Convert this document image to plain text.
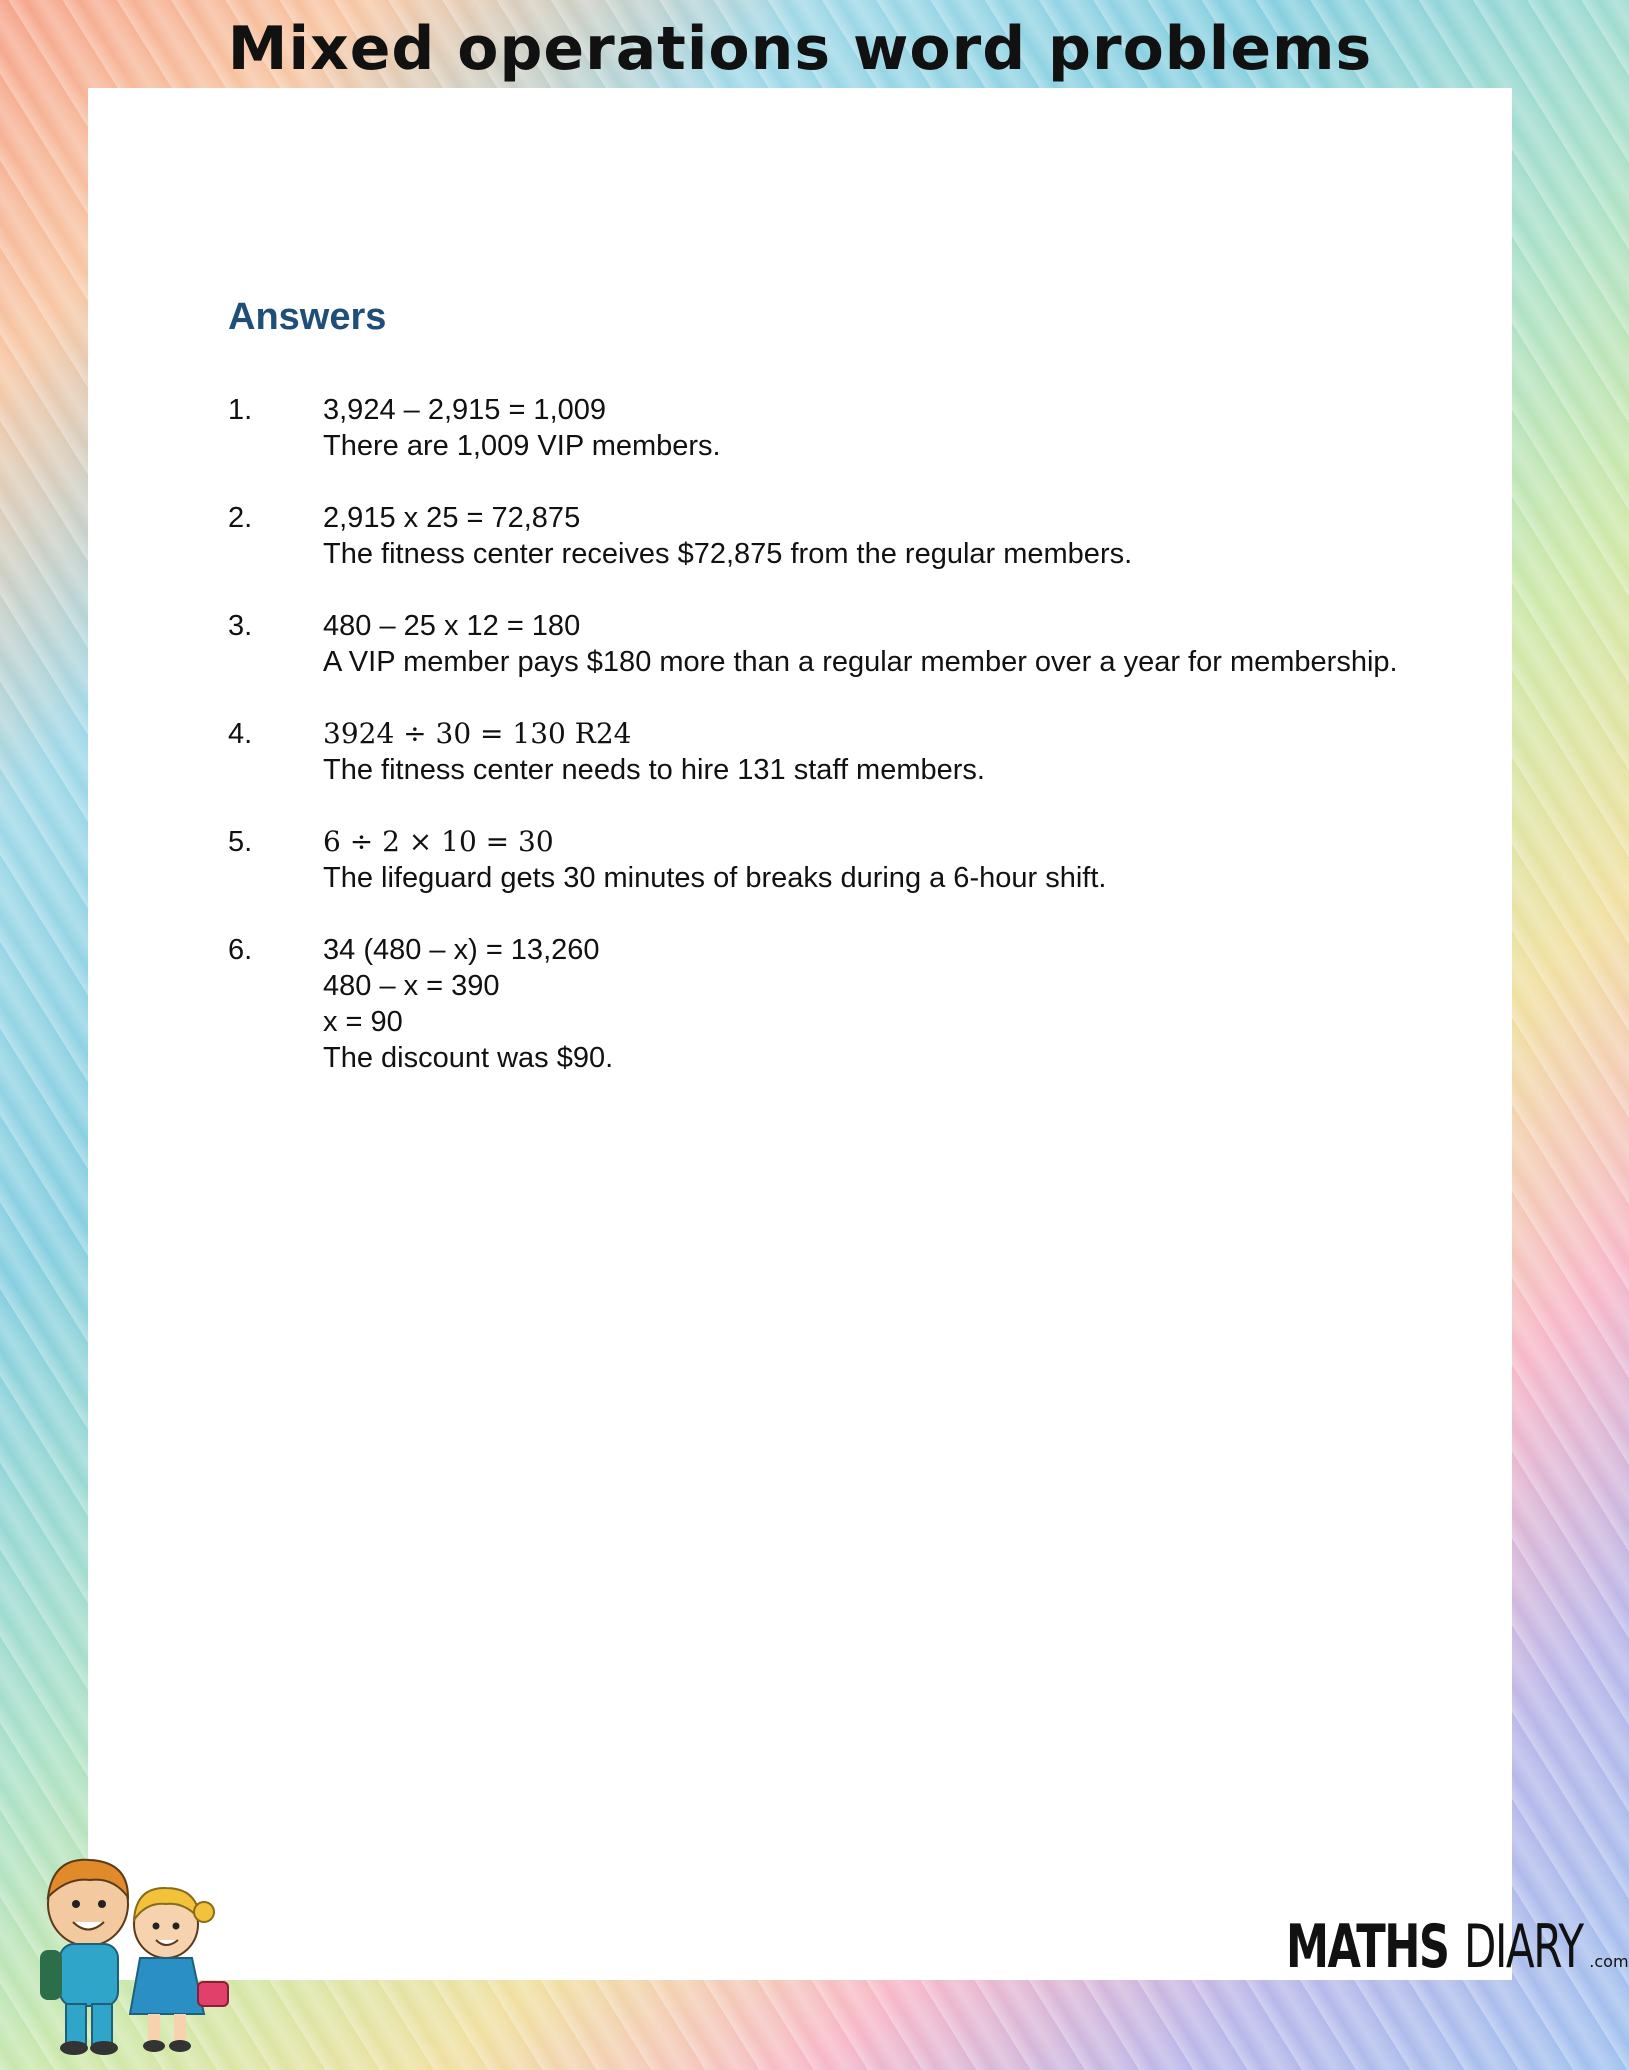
Mixed operations word problems
Answers
1.	3,924 – 2,915 = 1,009
There are 1,009 VIP members.
2.	2,915 x 25 = 72,875
The fitness center receives $72,875 from the regular members.
3.	480 – 25 x 12 = 180
A VIP member pays $180 more than a regular member over a year for membership.
4.	3924 ÷ 30 = 130 R24
The fitness center needs to hire 131 staff members.
5.	6 ÷ 2 × 10 = 30
The lifeguard gets 30 minutes of breaks during a 6-hour shift.
6.	34 (480 – x) = 13,260
480 – x = 390
x = 90
The discount was $90.
MATHS DIARY .com
